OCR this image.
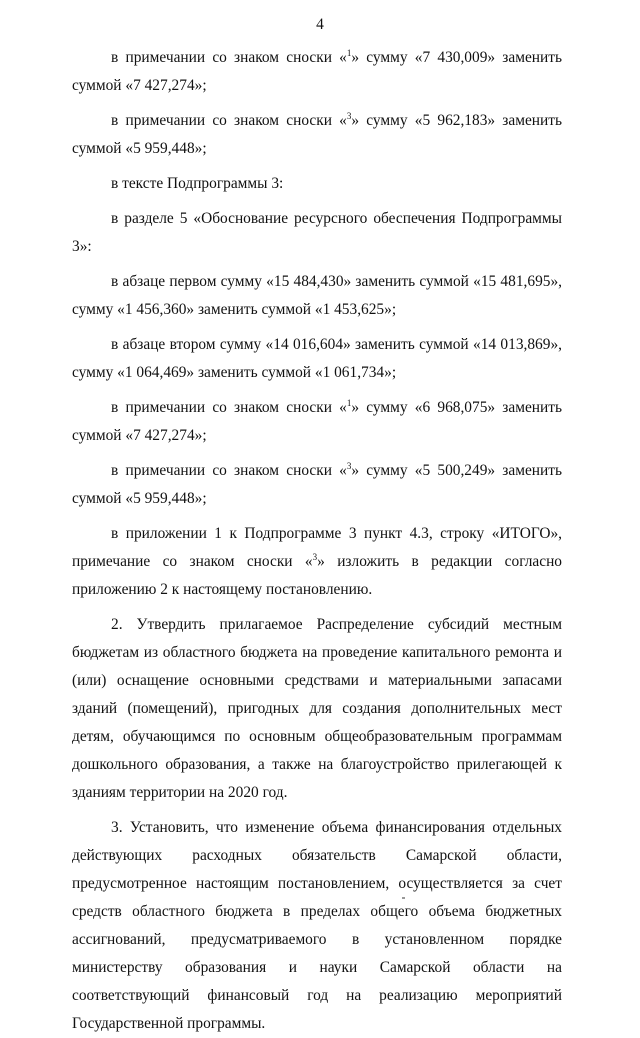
4

в примечании со знаком сноски «$^1$» сумму «7 430,009» заменить суммой «7 427,274»;

в примечании со знаком сноски «$^3$» сумму «5 962,183» заменить суммой «5 959,448»;

в тексте Подпрограммы 3:

в разделе 5 «Обоснование ресурсного обеспечения Подпрограммы 3»:

в абзаце первом сумму «15 484,430» заменить суммой «15 481,695», сумму «1 456,360» заменить суммой «1 453,625»;

в абзаце втором сумму «14 016,604» заменить суммой «14 013,869», сумму «1 064,469» заменить суммой «1 061,734»;

в примечании со знаком сноски «$^1$» сумму «6 968,075» заменить суммой «7 427,274»;

в примечании со знаком сноски «$^3$» сумму «5 500,249» заменить суммой «5 959,448»;

в приложении 1 к Подпрограмме 3 пункт 4.3, строку «ИТОГО», примечание со знаком сноски «$^3$» изложить в редакции согласно приложению 2 к настоящему постановлению.

2. Утвердить прилагаемое Распределение субсидий местным бюджетам из областного бюджета на проведение капитального ремонта и (или) оснащение основными средствами и материальными запасами зданий (помещений), пригодных для создания дополнительных мест детям, обучающимся по основным общеобразовательным программам дошкольного образования, а также на благоустройство прилегающей к зданиям территории на 2020 год.

3. Установить, что изменение объема финансирования отдельных действующих расходных обязательств Самарской области, предусмотренное настоящим постановлением, осуществляется за счет средств областного бюджета в пределах общего объема бюджетных ассигнований, предусматриваемого в установленном порядке министерству образования и науки Самарской области на соответствующий финансовый год на реализацию мероприятий Государственной программы.
